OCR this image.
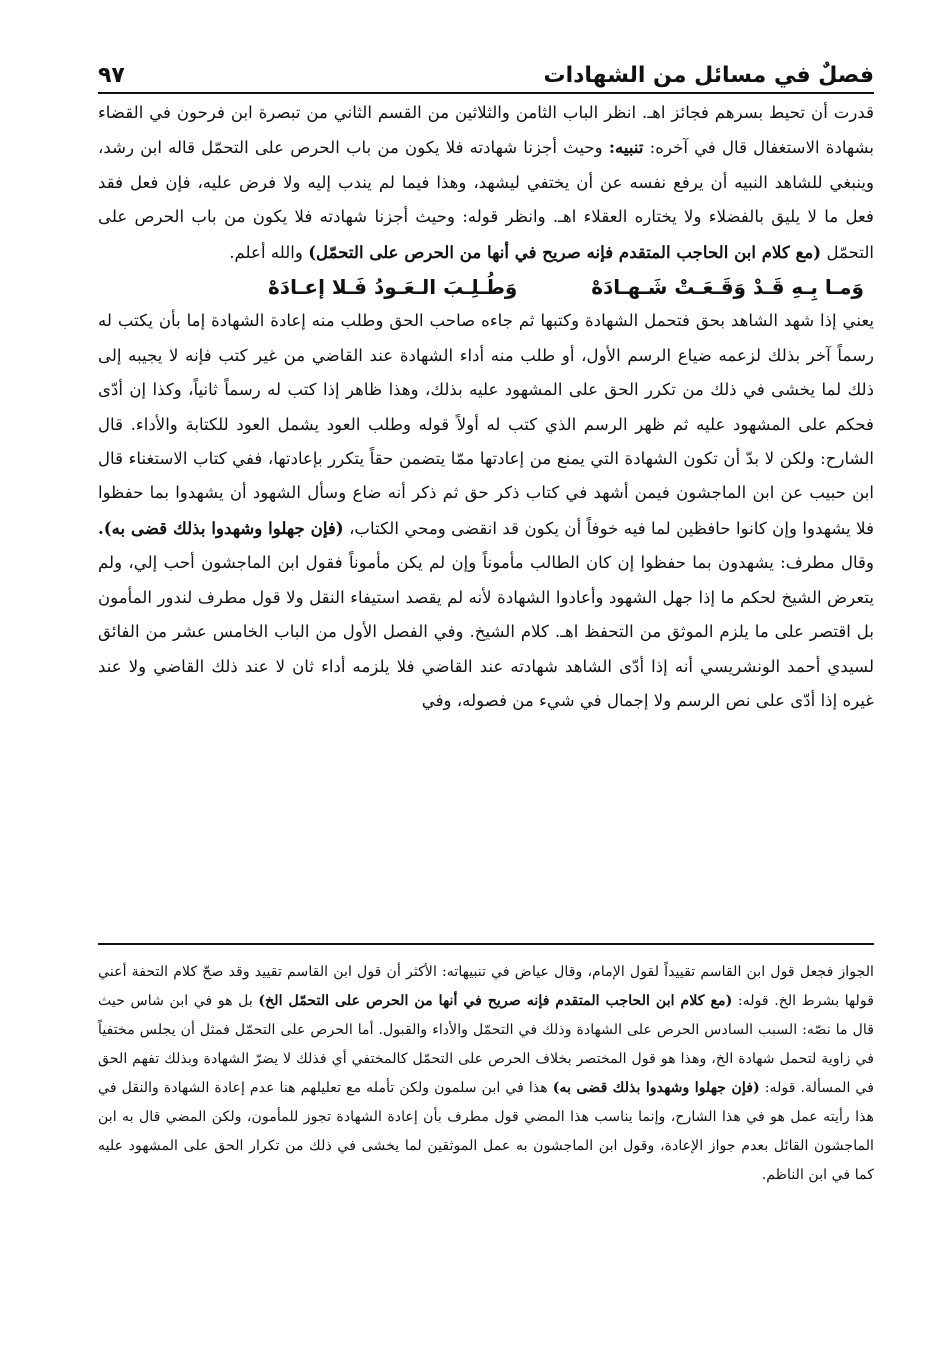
فصلٌ في مسائل من الشهادات
٩٧

قدرت أن تحيط بسرهم فجائز اهـ. انظر الباب الثامن والثلاثين من القسم الثاني من تبصرة ابن فرحون في القضاء بشهادة الاستغفال قال في آخره: تنبيه: وحيث أجزنا شهادته فلا يكون من باب الحرص على التحمّل قاله ابن رشد، وينبغي للشاهد النبيه أن يرفع نفسه عن أن يختفي ليشهد، وهذا فيما لم يندب إليه ولا فرض عليه، فإن فعل فقد فعل ما لا يليق بالفضلاء ولا يختاره العقلاء اهـ. وانظر قوله: وحيث أجزنا شهادته فلا يكون من باب الحرص على التحمّل (مع كلام ابن الحاجب المتقدم فإنه صريح في أنها من الحرص على التحمّل) والله أعلم.

وَمـا بِـهِ قَـدْ وَقَـعَـتْ شَـهـادَهْ
وَطُـلِـبَ الـعَـودُ فَـلا إعـادَهْ

يعني إذا شهد الشاهد بحق فتحمل الشهادة وكتبها ثم جاءه صاحب الحق وطلب منه إعادة الشهادة إما بأن يكتب له رسماً آخر بذلك لزعمه ضياع الرسم الأول، أو طلب منه أداء الشهادة عند القاضي من غير كتب فإنه لا يجيبه إلى ذلك لما يخشى في ذلك من تكرر الحق على المشهود عليه بذلك، وهذا ظاهر إذا كتب له رسماً ثانياً، وكذا إن أدّى فحكم على المشهود عليه ثم ظهر الرسم الذي كتب له أولاً قوله وطلب العود يشمل العود للكتابة والأداء. قال الشارح: ولكن لا بدّ أن تكون الشهادة التي يمنع من إعادتها ممّا يتضمن حقاً يتكرر بإعادتها، ففي كتاب الاستغناء قال ابن حبيب عن ابن الماجشون فيمن أشهد في كتاب ذكر حق ثم ذكر أنه ضاع وسأل الشهود أن يشهدوا بما حفظوا فلا يشهدوا وإن كانوا حافظين لما فيه خوفاً أن يكون قد انقضى ومحي الكتاب، (فإن جهلوا وشهدوا بذلك قضى به). وقال مطرف: يشهدون بما حفظوا إن كان الطالب مأموناً وإن لم يكن مأموناً فقول ابن الماجشون أحب إلي، ولم يتعرض الشيخ لحكم ما إذا جهل الشهود وأعادوا الشهادة لأنه لم يقصد استيفاء النقل ولا قول مطرف لندور المأمون بل اقتصر على ما يلزم الموثق من التحفظ اهـ. كلام الشيخ. وفي الفصل الأول من الباب الخامس عشر من الفائق لسيدي أحمد الونشريسي أنه إذا أدّى الشاهد شهادته عند القاضي فلا يلزمه أداء ثان لا عند ذلك القاضي ولا عند غيره إذا أدّى على نص الرسم ولا إجمال في شيء من فصوله، وفي

الجواز فجعل قول ابن القاسم تقييداً لقول الإمام، وقال عياض في تنبيهاته: الأكثر أن قول ابن القاسم تقييد وقد صحّ كلام التحفة أعني قولها بشرط الخ. قوله: (مع كلام ابن الحاجب المتقدم فإنه صريح في أنها من الحرص على التحمّل الخ) بل هو في ابن شاس حيث قال ما نصّه: السبب السادس الحرص على الشهادة وذلك في التحمّل والأداء والقبول. أما الحرص على التحمّل فمثل أن يجلس مختفياً في زاوية لتحمل شهادة الخ، وهذا هو قول المختصر بخلاف الحرص على التحمّل كالمختفي أي فذلك لا يضرّ الشهادة وبذلك تفهم الحق في المسألة. قوله: (فإن جهلوا وشهدوا بذلك قضى به) هذا في ابن سلمون ولكن تأمله مع تعليلهم هنا عدم إعادة الشهادة والنقل في هذا رأيته عمل هو في هذا الشارح، وإنما يناسب هذا المضي قول مطرف بأن إعادة الشهادة تجوز للمأمون، ولكن المضي قال به ابن الماجشون القائل بعدم جواز الإعادة، وقول ابن الماجشون به عمل الموثقين لما يخشى في ذلك من تكرار الحق على المشهود عليه كما في ابن الناظم.
